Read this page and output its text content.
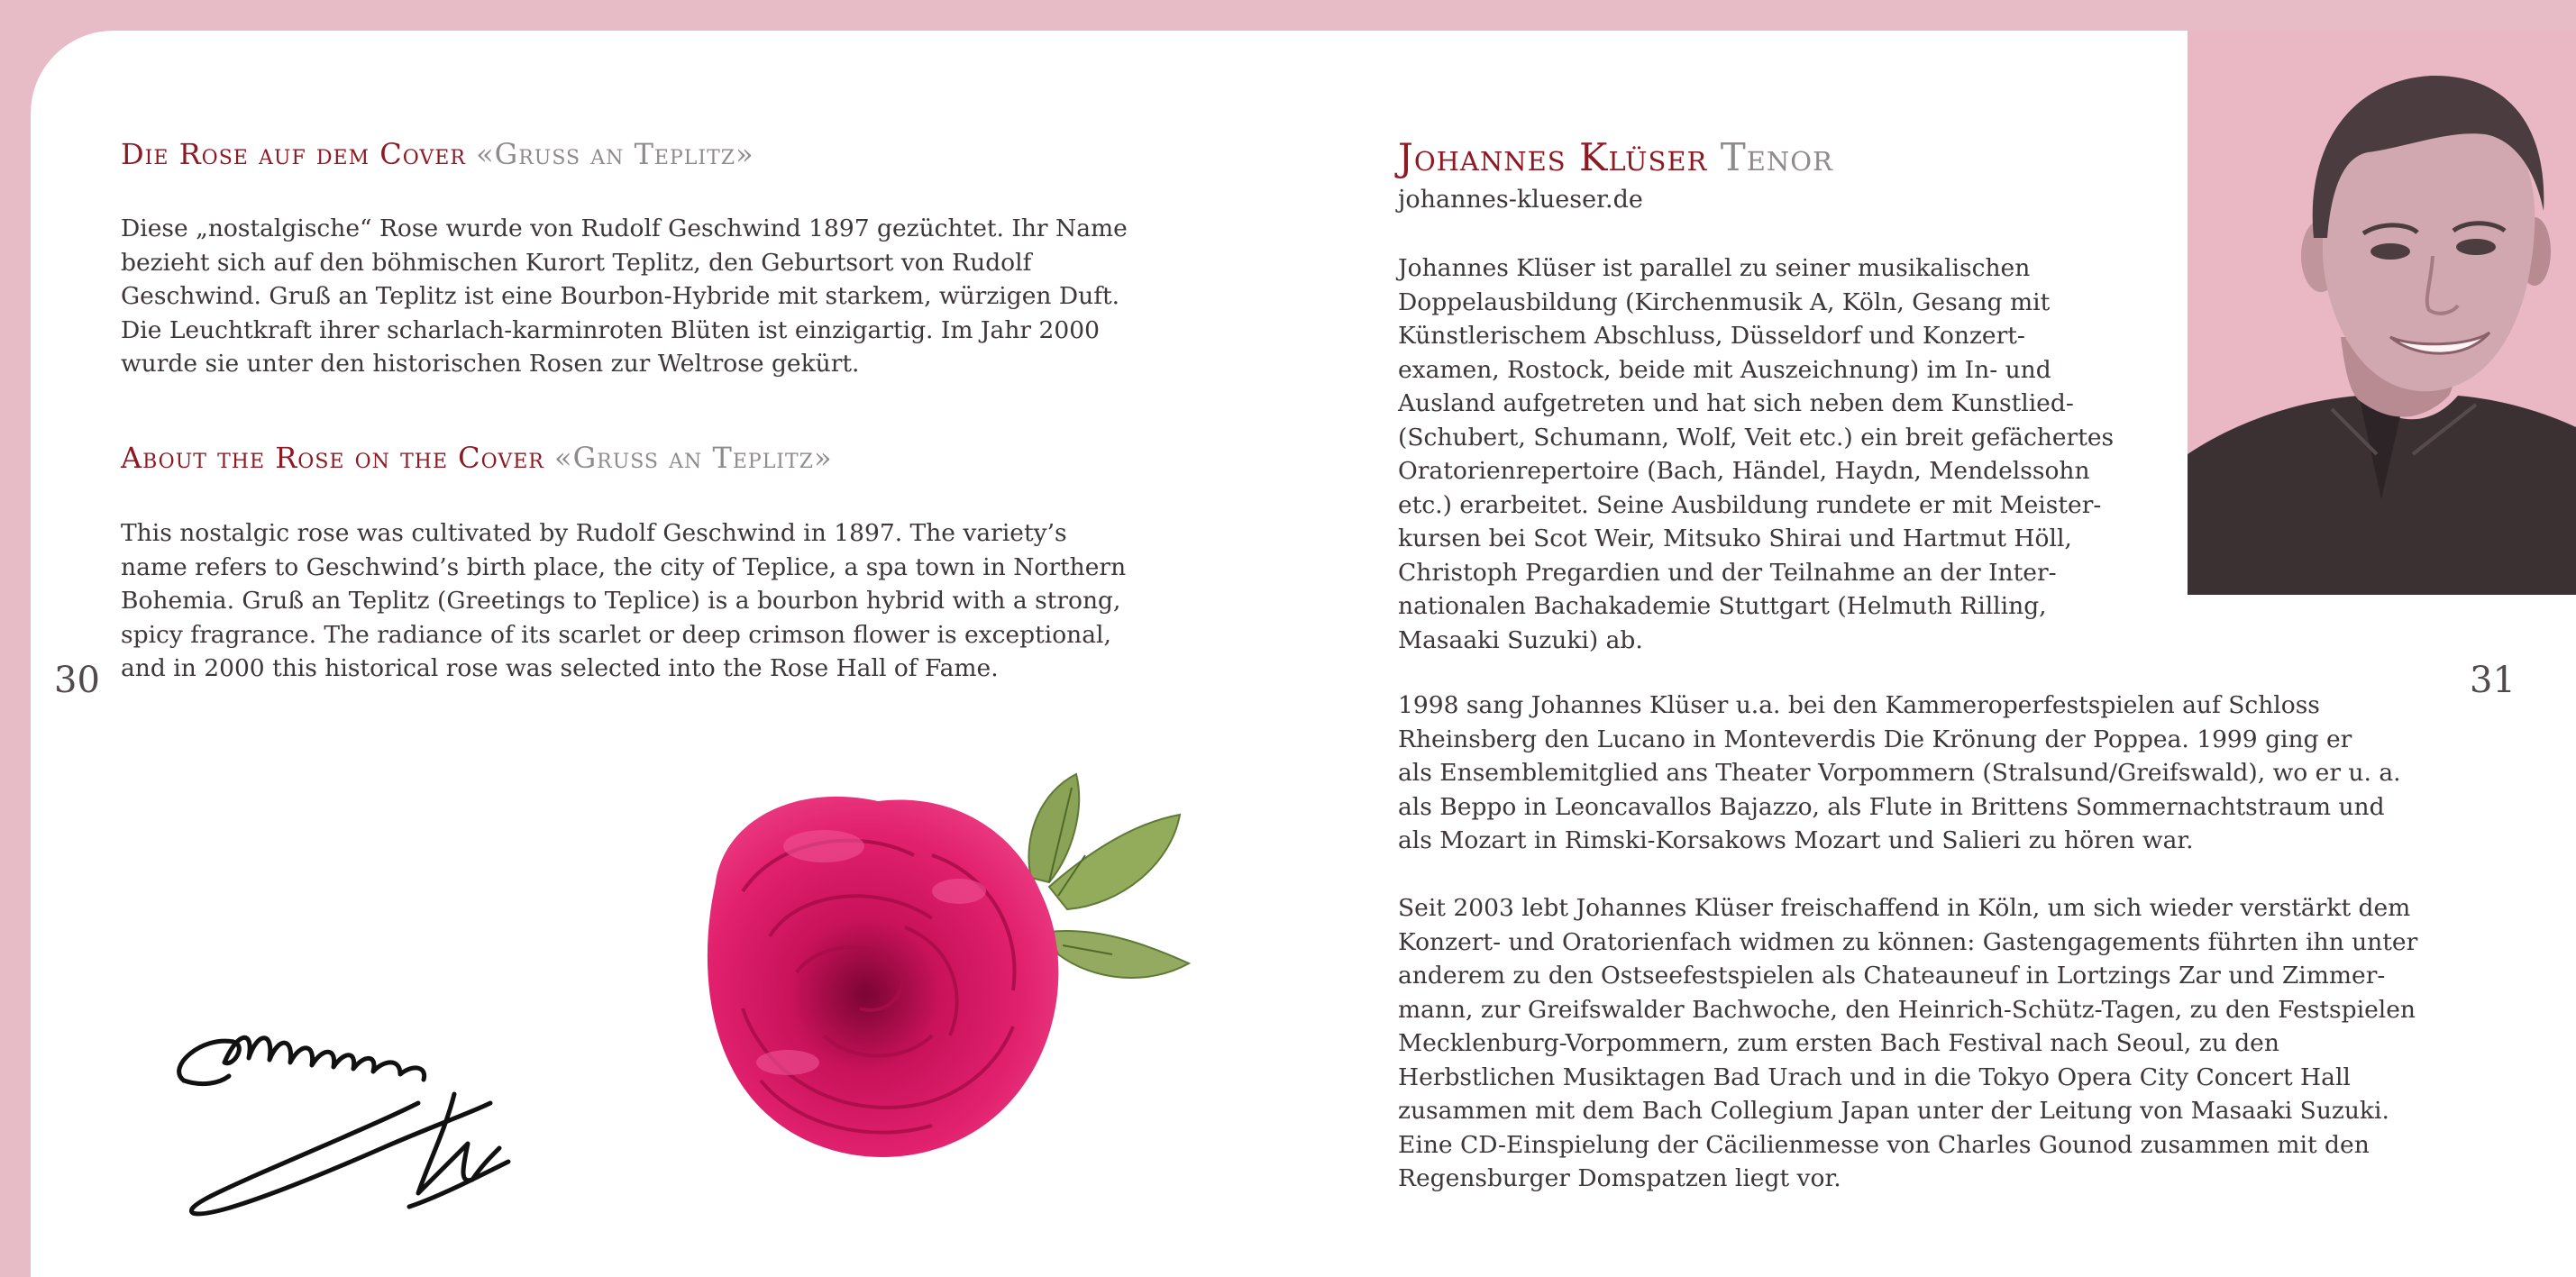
30
Die Rose auf dem Cover «Gruss an Teplitz»
Diese „nostalgische“ Rose wurde von Rudolf Geschwind 1897 gezüchtet. Ihr Name
bezieht sich auf den böhmischen Kurort Teplitz, den Geburtsort von Rudolf
Geschwind. Gruß an Teplitz ist eine Bourbon-Hybride mit starkem, würzigen Duft.
Die Leuchtkraft ihrer scharlach-karminroten Blüten ist einzigartig. Im Jahr 2000
wurde sie unter den historischen Rosen zur Weltrose gekürt.
About the Rose on the Cover «Gruss an Teplitz»
This nostalgic rose was cultivated by Rudolf Geschwind in 1897. The variety’s
name refers to Geschwind’s birth place, the city of Teplice, a spa town in Northern
Bohemia. Gruß an Teplitz (Greetings to Teplice) is a bourbon hybrid with a strong,
spicy fragrance. The radiance of its scarlet or deep crimson flower is exceptional,
and in 2000 this historical rose was selected into the Rose Hall of Fame.
Johannes Klüser Tenor
johannes-klueser.de
Johannes Klüser ist parallel zu seiner musikalischen
Doppelausbildung (Kirchenmusik A, Köln, Gesang mit
Künstlerischem Abschluss, Düsseldorf und Konzert-
examen, Rostock, beide mit Auszeichnung) im In- und
Ausland aufgetreten und hat sich neben dem Kunstlied-
(Schubert, Schumann, Wolf, Veit etc.) ein breit gefächertes
Oratorienrepertoire (Bach, Händel, Haydn, Mendelssohn
etc.) erarbeitet. Seine Ausbildung rundete er mit Meister-
kursen bei Scot Weir, Mitsuko Shirai und Hartmut Höll,
Christoph Pregardien und der Teilnahme an der Inter-
nationalen Bachakademie Stuttgart (Helmuth Rilling,
Masaaki Suzuki) ab.
1998 sang Johannes Klüser u.a. bei den Kammeroperfestspielen auf Schloss
Rheinsberg den Lucano in Monteverdis Die Krönung der Poppea. 1999 ging er
als Ensemblemitglied ans Theater Vorpommern (Stralsund/Greifswald), wo er u. a.
als Beppo in Leoncavallos Bajazzo, als Flute in Brittens Sommernachtstraum und
als Mozart in Rimski-Korsakows Mozart und Salieri zu hören war.
Seit 2003 lebt Johannes Klüser freischaffend in Köln, um sich wieder verstärkt dem
Konzert- und Oratorienfach widmen zu können: Gastengagements führten ihn unter
anderem zu den Ostseefestspielen als Chateauneuf in Lortzings Zar und Zimmer-
mann, zur Greifswalder Bachwoche, den Heinrich-Schütz-Tagen, zu den Festspielen
Mecklenburg-Vorpommern, zum ersten Bach Festival nach Seoul, zu den
Herbstlichen Musiktagen Bad Urach und in die Tokyo Opera City Concert Hall
zusammen mit dem Bach Collegium Japan unter der Leitung von Masaaki Suzuki.
Eine CD-Einspielung der Cäcilienmesse von Charles Gounod zusammen mit den
Regensburger Domspatzen liegt vor.
31
